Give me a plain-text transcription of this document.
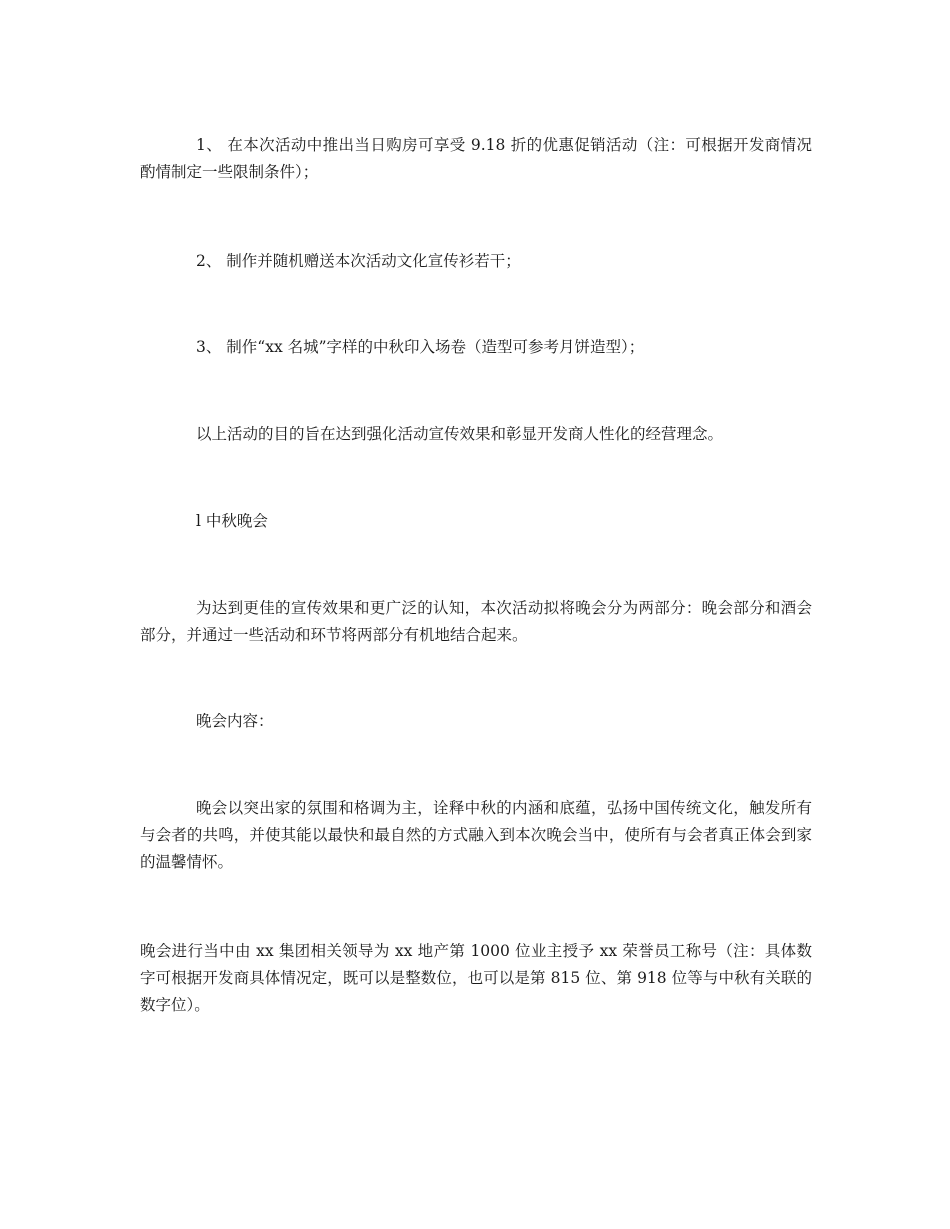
1、 在本次活动中推出当日购房可享受 9.18 折的优惠促销活动（注：可根据开发商情况酌情制定一些限制条件）；

2、 制作并随机赠送本次活动文化宣传衫若干；

3、 制作“xx 名城”字样的中秋印入场卷（造型可参考月饼造型）；

以上活动的目的旨在达到强化活动宣传效果和彰显开发商人性化的经营理念。

l 中秋晚会

为达到更佳的宣传效果和更广泛的认知，本次活动拟将晚会分为两部分：晚会部分和酒会部分，并通过一些活动和环节将两部分有机地结合起来。

晚会内容：

晚会以突出家的氛围和格调为主，诠释中秋的内涵和底蕴，弘扬中国传统文化，触发所有与会者的共鸣，并使其能以最快和最自然的方式融入到本次晚会当中，使所有与会者真正体会到家的温馨情怀。

晚会进行当中由 xx 集团相关领导为 xx 地产第 1000 位业主授予 xx 荣誉员工称号（注：具体数字可根据开发商具体情况定，既可以是整数位，也可以是第 815 位、第 918 位等与中秋有关联的数字位）。
